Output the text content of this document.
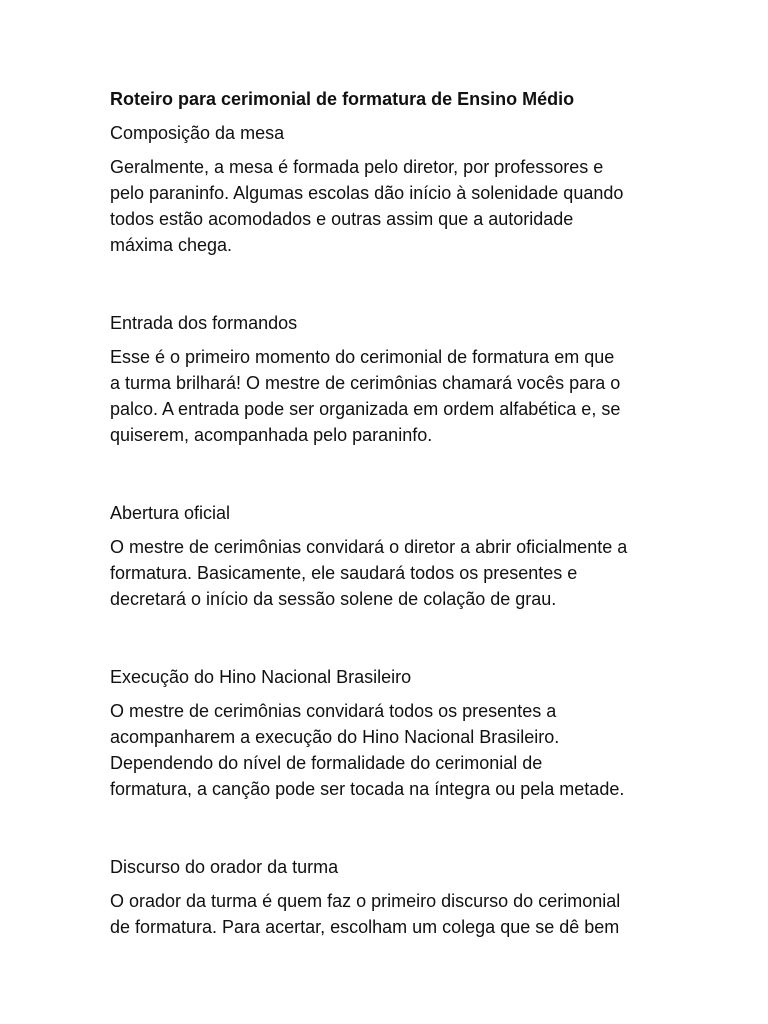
Roteiro para cerimonial de formatura de Ensino Médio
Composição da mesa

Geralmente, a mesa é formada pelo diretor, por professores e
pelo paraninfo. Algumas escolas dão início à solenidade quando
todos estão acomodados e outras assim que a autoridade
máxima chega.

Entrada dos formandos

Esse é o primeiro momento do cerimonial de formatura em que
a turma brilhará! O mestre de cerimônias chamará vocês para o
palco. A entrada pode ser organizada em ordem alfabética e, se
quiserem, acompanhada pelo paraninfo.

Abertura oficial

O mestre de cerimônias convidará o diretor a abrir oficialmente a
formatura. Basicamente, ele saudará todos os presentes e
decretará o início da sessão solene de colação de grau.

Execução do Hino Nacional Brasileiro

O mestre de cerimônias convidará todos os presentes a
acompanharem a execução do Hino Nacional Brasileiro.
Dependendo do nível de formalidade do cerimonial de
formatura, a canção pode ser tocada na íntegra ou pela metade.

Discurso do orador da turma

O orador da turma é quem faz o primeiro discurso do cerimonial
de formatura. Para acertar, escolham um colega que se dê bem
